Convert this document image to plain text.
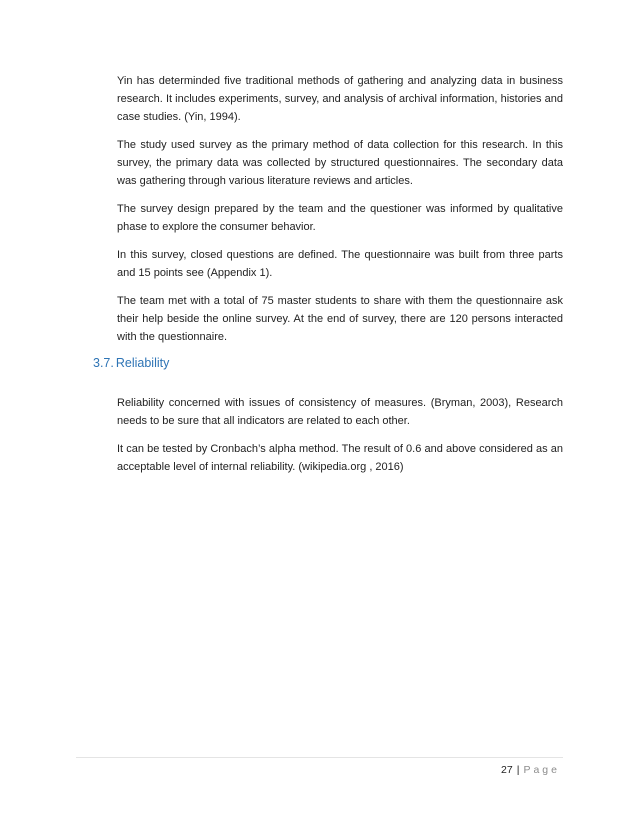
Yin has determinded five traditional methods of gathering and analyzing data in business research. It includes experiments, survey, and analysis of archival information, histories and case studies. (Yin, 1994).

The study used survey as the primary method of data collection for this research. In this survey, the primary data was collected by structured questionnaires. The secondary data was gathering through various literature reviews and articles.

The survey design prepared by the team and the questioner was informed by qualitative phase to explore the consumer behavior.

In this survey, closed questions are defined. The questionnaire was built from three parts and 15 points see (Appendix 1).

The team met with a total of 75 master students to share with them the questionnaire ask their help beside the online survey. At the end of survey, there are 120 persons interacted with the questionnaire.

3.7. Reliability

Reliability concerned with issues of consistency of measures. (Bryman, 2003), Research needs to be sure that all indicators are related to each other.

It can be tested by Cronbach’s alpha method. The result of 0.6 and above considered as an acceptable level of internal reliability. (wikipedia.org , 2016)

27 | Page
